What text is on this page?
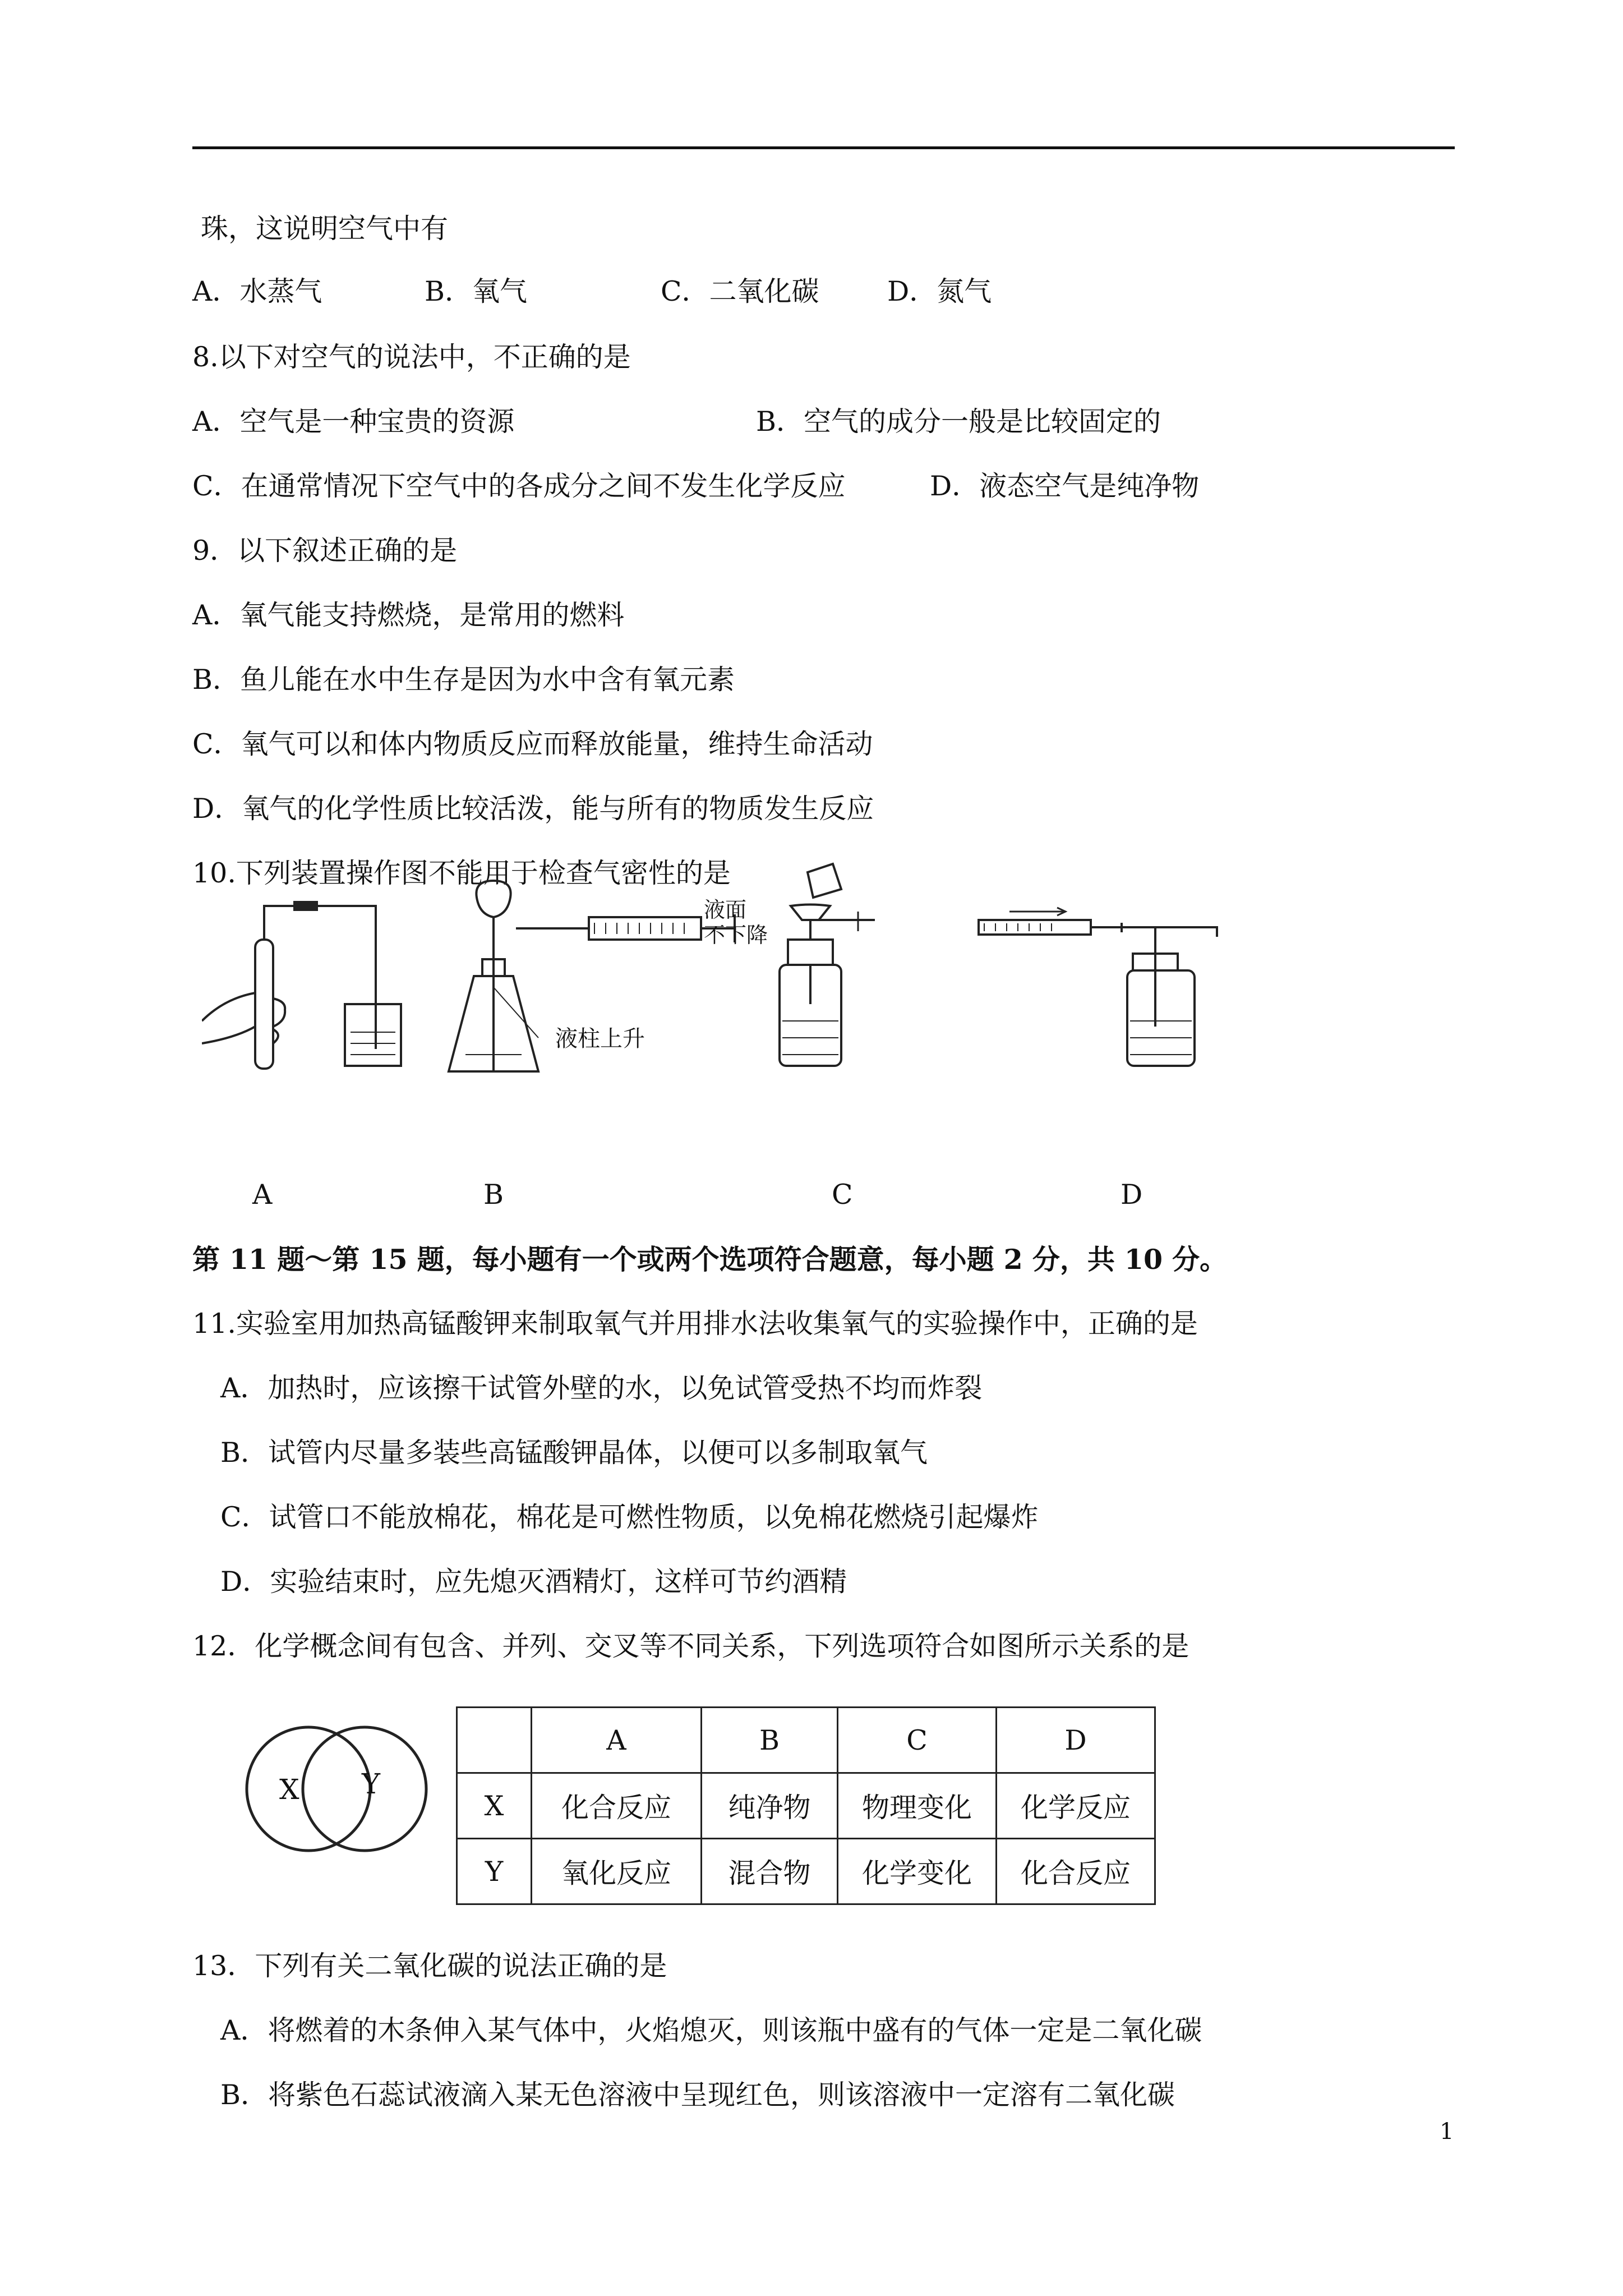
珠，这说明空气中有
A．水蒸气	B．氧气	C．二氧化碳 D．氮气
8.以下对空气的说法中，不正确的是
A．空气是一种宝贵的资源	B．空气的成分一般是比较固定的
C．在通常情况下空气中的各成分之间不发生化学反应	D．液态空气是纯净物
9．以下叙述正确的是
A．氧气能支持燃烧，是常用的燃料
B．鱼儿能在水中生存是因为水中含有氧元素
C．氧气可以和体内物质反应而释放能量，维持生命活动
D．氧气的化学性质比较活泼，能与所有的物质发生反应
10.下列装置操作图不能用于检查气密性的是
液柱上升
液面
不下降
A	B	C	D
第 11 题～第 15 题，每小题有一个或两个选项符合题意，每小题 2 分，共 10 分。
11.实验室用加热高锰酸钾来制取氧气并用排水法收集氧气的实验操作中，正确的是
A．加热时，应该擦干试管外壁的水，以免试管受热不均而炸裂
B．试管内尽量多装些高锰酸钾晶体，以便可以多制取氧气
C．试管口不能放棉花，棉花是可燃性物质，以免棉花燃烧引起爆炸
D．实验结束时，应先熄灭酒精灯，这样可节约酒精
12．化学概念间有包含、并列、交叉等不同关系，下列选项符合如图所示关系的是
X Y
	A	B	C	D
X	化合反应	纯净物	物理变化	化学反应
Y	氧化反应	混合物	化学变化	化合反应
13．下列有关二氧化碳的说法正确的是
A．将燃着的木条伸入某气体中，火焰熄灭，则该瓶中盛有的气体一定是二氧化碳
B．将紫色石蕊试液滴入某无色溶液中呈现红色，则该溶液中一定溶有二氧化碳
1
